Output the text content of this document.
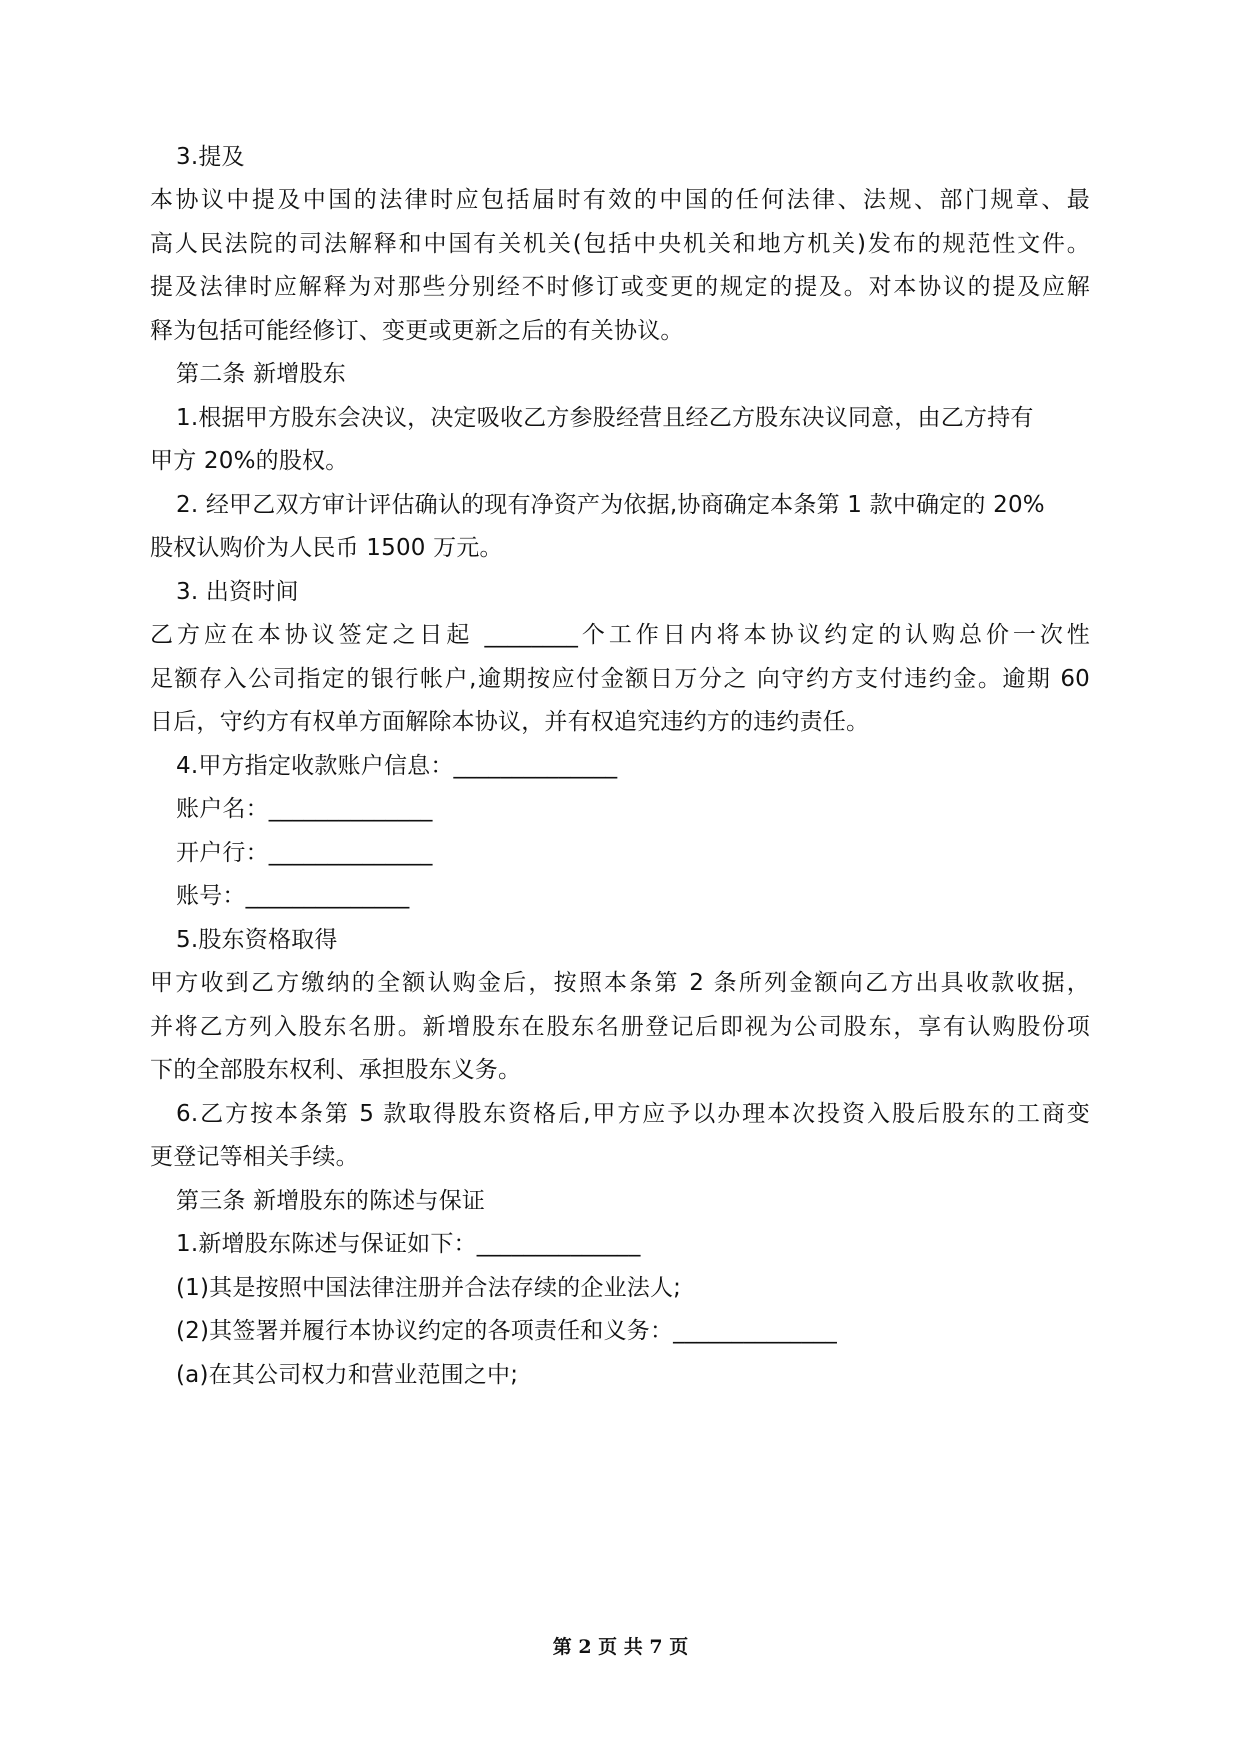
3.提及
本协议中提及中国的法律时应包括届时有效的中国的任何法律、法规、部门规章、最
高人民法院的司法解释和中国有关机关(包括中央机关和地方机关)发布的规范性文件。
提及法律时应解释为对那些分别经不时修订或变更的规定的提及。对本协议的提及应解
释为包括可能经修订、变更或更新之后的有关协议。
第二条 新增股东
1.根据甲方股东会决议，决定吸收乙方参股经营且经乙方股东决议同意，由乙方持有
甲方 20%的股权。
2. 经甲乙双方审计评估确认的现有净资产为依据,协商确定本条第 1 款中确定的 20%
股权认购价为人民币 1500 万元。
3. 出资时间
乙方应在本协议签定之日起 ________个工作日内将本协议约定的认购总价一次性
足额存入公司指定的银行帐户,逾期按应付金额日万分之 向守约方支付违约金。逾期 60
日后，守约方有权单方面解除本协议，并有权追究违约方的违约责任。
4.甲方指定收款账户信息：______________
账户名：______________
开户行：______________
账号：______________
5.股东资格取得
甲方收到乙方缴纳的全额认购金后，按照本条第 2 条所列金额向乙方出具收款收据，
并将乙方列入股东名册。新增股东在股东名册登记后即视为公司股东，享有认购股份项
下的全部股东权利、承担股东义务。
6.乙方按本条第 5 款取得股东资格后,甲方应予以办理本次投资入股后股东的工商变
更登记等相关手续。
第三条 新增股东的陈述与保证
1.新增股东陈述与保证如下：______________
(1)其是按照中国法律注册并合法存续的企业法人;
(2)其签署并履行本协议约定的各项责任和义务：______________
(a)在其公司权力和营业范围之中;
第 2 页 共 7 页
